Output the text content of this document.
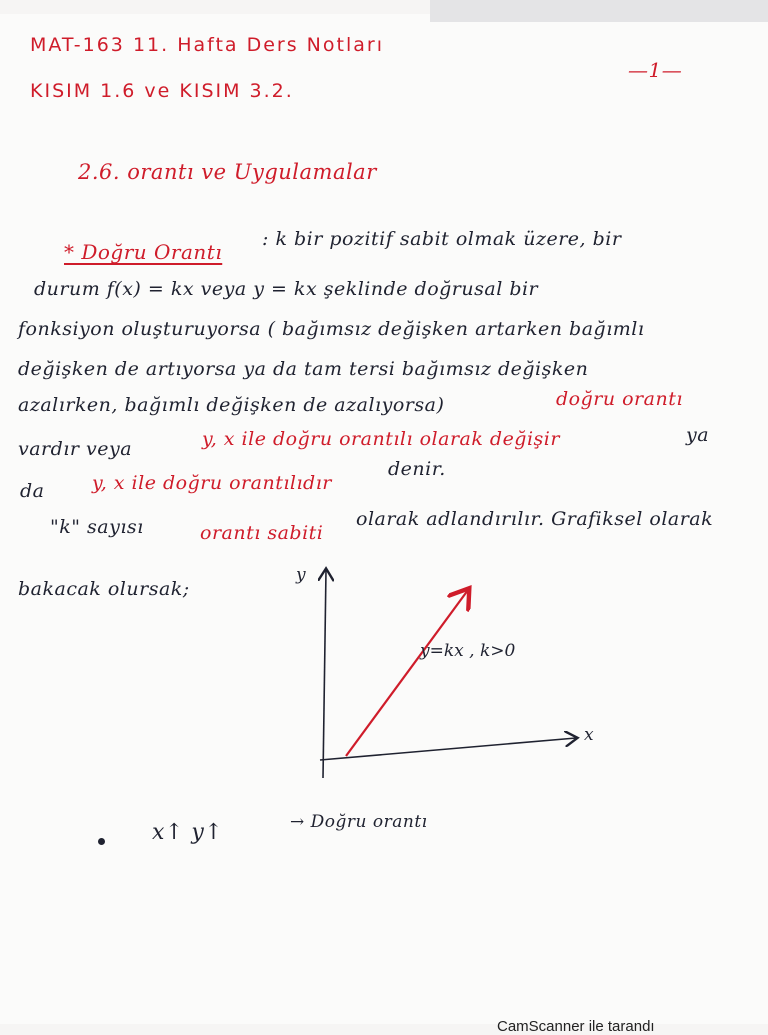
MAT-163 11. Hafta Ders Notları
KISIM 1.6 ve KISIM 3.2.
—1—
2.6. orantı ve Uygulamalar
* Doğru Orantı
: k bir pozitif sabit olmak üzere, bir
durum f(x) = kx veya y = kx şeklinde doğrusal bir
fonksiyon oluşturuyorsa ( bağımsız değişken artarken bağımlı
değişken de artıyorsa ya da tam tersi bağımsız değişken
azalırken, bağımlı değişken de azalıyorsa)	doğru orantı
vardır veya	y, x ile doğru orantılı olarak değişir	ya
da	y, x ile doğru orantılıdır
denir.
"k" sayısı	orantı sabiti
olarak adlandırılır. Grafiksel olarak
bakacak olursak;
y
x
y=kx , k>0
x↑ y↑	→ Doğru orantı
CamScanner ile tarandı
